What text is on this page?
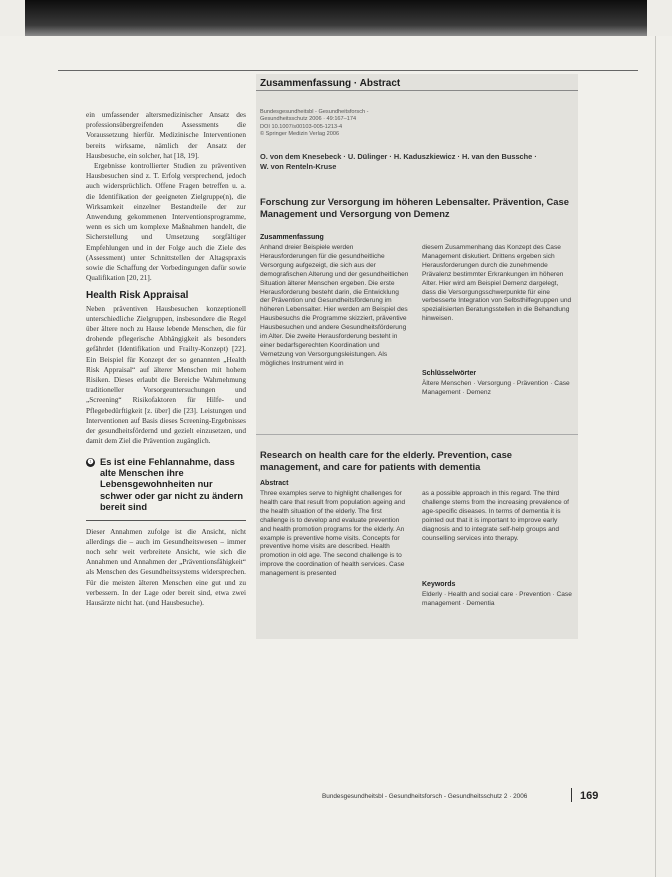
ein umfassender altersmedizinischer Ansatz des professionsübergreifenden Assessments die Voraussetzung hierfür. Medizinische Interventionen bereits wirksame, nämlich der Ansatz der Hausbesuche, ein solcher, hat [18, 19].

Ergebnisse kontrollierter Studien zu präventiven Hausbesuchen sind z. T. Erfolg versprechend, jedoch auch widersprüchlich. Offene Fragen betreffen u. a. die Identifikation der geeigneten Zielgruppe(n), die Wirksamkeit einzelner Bestandteile der zur Anwendung gekommenen Interventionsprogramme, wenn es sich um komplexe Maßnahmen handelt, die Sicherstellung und Umsetzung sorgfältiger Empfehlungen und in der Folge auch die Ziele des (Assessment) unter Schnittstellen der Altagspraxis sowie die Schaffung der Vorbedingungen dafür sowie Qualifikation [20, 21].

Health Risk Appraisal

Neben präventiven Hausbesuchen konzeptionell unterschiedliche Zielgruppen, insbesondere die Regel über ältere noch zu Hause lebende Menschen, die für drohende pflegerische Abhängigkeit als besonders gefährdet (Identifikation und Frailty-Konzept) [22]. Ein Beispiel für Konzept der so genannten „Health Risk Appraisal“ auf älterer Menschen mit hohem Risiken. Dieses erlaubt die Bereiche Wahrnehmung traditioneller Vorsorgeuntersuchungen und „Screening“ Risikofaktoren für Hilfe- und Pflegebedürftigkeit [z. über] die [23]. Leistungen und Interventionen auf Basis dieses Screening-Ergebnisses der gesundheitsfördernd und gezielt einzusetzen, und damit dem Ziel die Prävention zugänglich.

❶ Es ist eine Fehlannahme, dass alte Menschen ihre Lebensgewohnheiten nur schwer oder gar nicht zu ändern bereit sind

Dieser Annahmen zufolge ist die Ansicht, nicht allerdings die – auch im Gesundheitswesen – immer noch sehr weit verbreitete Ansicht, wie sich die Annahmen und Annahmen der „Präventionsfähigkeit“ als Menschen des Gesundheitssystems widersprechen. Für die meisten älteren Menschen eine gut und zu verbessern. In der Lage oder bereit sind, etwa zwei Hausärzte nicht hat. (und Hausbesuche).

Zusammenfassung · Abstract
Bundesgesundheitsbl - Gesundheitsforsch -
Gesundheitsschutz 2006 · 49:167–174
DOI 10.1007/s00103-005-1213-4
© Springer Medizin Verlag 2006
O. von dem Knesebeck · U. Dülinger · H. Kaduszkiewicz · H. van den Bussche ·
W. von Renteln-Kruse
Forschung zur Versorgung im höheren Lebensalter. Prävention, Case Management und Versorgung von Demenz
Zusammenfassung
Anhand dreier Beispiele werden Herausforderungen für die gesundheitliche Versorgung aufgezeigt, die sich aus der demografischen Alterung und der gesundheitlichen Situation älterer Menschen ergeben. Die erste Herausforderung besteht darin, die Entwicklung der Prävention und Gesundheitsförderung im höheren Lebensalter. Hier werden am Beispiel des Hausbesuchs die Programme skizziert, präventive Hausbesuchen und andere Gesundheitsförderung im Alter. Die zweite Herausforderung besteht in einer bedarfsgerechten Koordination und Vernetzung von Versorgungsleistungen. Als mögliches Instrument wird in
diesem Zusammenhang das Konzept des Case Management diskutiert. Drittens ergeben sich Herausforderungen durch die zunehmende Prävalenz bestimmter Erkrankungen im höheren Alter. Hier wird am Beispiel Demenz dargelegt, dass die Versorgungsschwerpunkte für eine verbesserte Integration von Selbsthilfegruppen und spezialisierten Beratungsstellen in die Behandlung hinweisen.
Schlüsselwörter
Ältere Menschen · Versorgung · Prävention · Case Management · Demenz
Research on health care for the elderly. Prevention, case management, and care for patients with dementia
Abstract
Three examples serve to highlight challenges for health care that result from population ageing and the health situation of the elderly. The first challenge is to develop and evaluate prevention and health promotion programs for the elderly. An example is preventive home visits. Concepts for preventive home visits are described. Health promotion in old age. The second challenge is to improve the coordination of health services. Case management is presented
as a possible approach in this regard. The third challenge stems from the increasing prevalence of age-specific diseases. In terms of dementia it is pointed out that it is important to improve early diagnosis and to integrate self-help groups and counselling services into therapy.
Keywords
Elderly · Health and social care · Prevention · Case management · Dementia
Bundesgesundheitsbl - Gesundheitsforsch - Gesundheitsschutz 2 · 2006	169
